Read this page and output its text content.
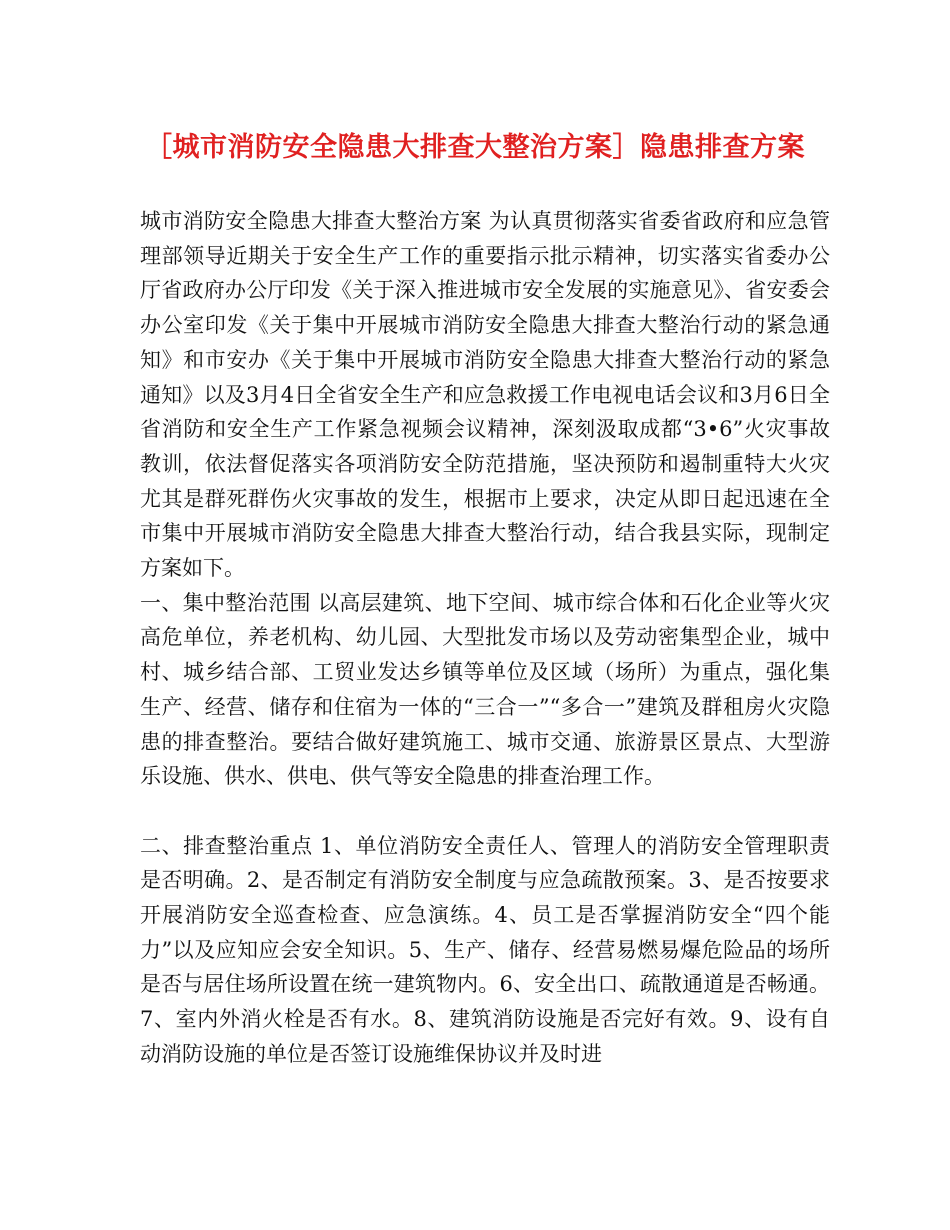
［城市消防安全隐患大排查大整治方案］隐患排查方案

城市消防安全隐患大排查大整治方案 为认真贯彻落实省委省政府和应急管理部领导近期关于安全生产工作的重要指示批示精神，切实落实省委办公厅省政府办公厅印发《关于深入推进城市安全发展的实施意见》、省安委会办公室印发《关于集中开展城市消防安全隐患大排查大整治行动的紧急通知》和市安办《关于集中开展城市消防安全隐患大排查大整治行动的紧急通知》以及3月4日全省安全生产和应急救援工作电视电话会议和3月6日全省消防和安全生产工作紧急视频会议精神，深刻汲取成都“3•6”火灾事故教训，依法督促落实各项消防安全防范措施，坚决预防和遏制重特大火灾尤其是群死群伤火灾事故的发生，根据市上要求，决定从即日起迅速在全市集中开展城市消防安全隐患大排查大整治行动，结合我县实际，现制定方案如下。

一、集中整治范围 以高层建筑、地下空间、城市综合体和石化企业等火灾高危单位，养老机构、幼儿园、大型批发市场以及劳动密集型企业，城中村、城乡结合部、工贸业发达乡镇等单位及区域（场所）为重点，强化集生产、经营、储存和住宿为一体的“三合一”“多合一”建筑及群租房火灾隐患的排查整治。要结合做好建筑施工、城市交通、旅游景区景点、大型游乐设施、供水、供电、供气等安全隐患的排查治理工作。

二、排查整治重点 1、单位消防安全责任人、管理人的消防安全管理职责是否明确。2、是否制定有消防安全制度与应急疏散预案。3、是否按要求开展消防安全巡查检查、应急演练。4、员工是否掌握消防安全“四个能力”以及应知应会安全知识。5、生产、储存、经营易燃易爆危险品的场所是否与居住场所设置在统一建筑物内。6、安全出口、疏散通道是否畅通。7、室内外消火栓是否有水。8、建筑消防设施是否完好有效。9、设有自动消防设施的单位是否签订设施维保协议并及时进
